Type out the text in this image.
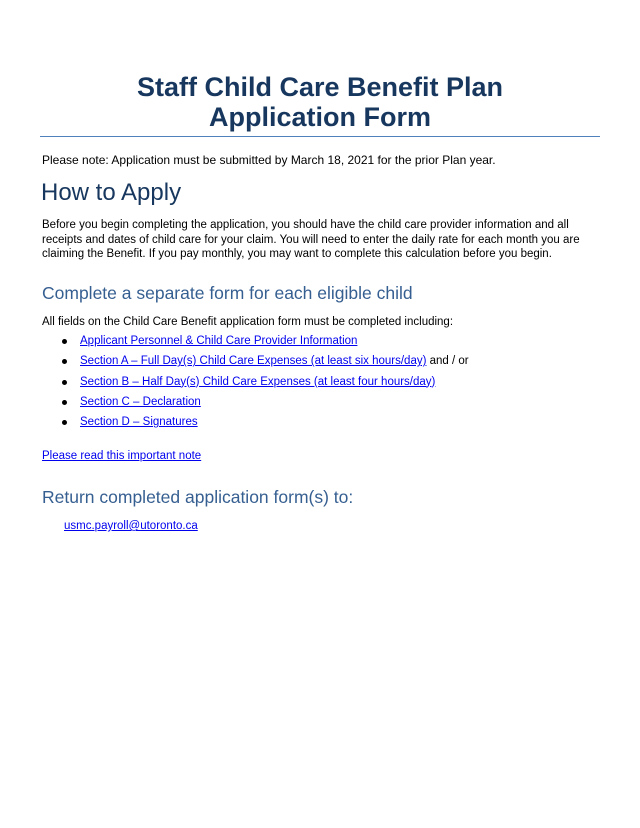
Staff Child Care Benefit Plan
Application Form

Please note: Application must be submitted by March 18, 2021 for the prior Plan year.

How to Apply

Before you begin completing the application, you should have the child care provider information and all receipts and dates of child care for your claim. You will need to enter the daily rate for each month you are claiming the Benefit. If you pay monthly, you may want to complete this calculation before you begin.

Complete a separate form for each eligible child

All fields on the Child Care Benefit application form must be completed including:

Applicant Personnel & Child Care Provider Information
Section A – Full Day(s) Child Care Expenses (at least six hours/day) and / or
Section B – Half Day(s) Child Care Expenses (at least four hours/day)
Section C – Declaration
Section D – Signatures

Please read this important note

Return completed application form(s) to:

usmc.payroll@utoronto.ca
